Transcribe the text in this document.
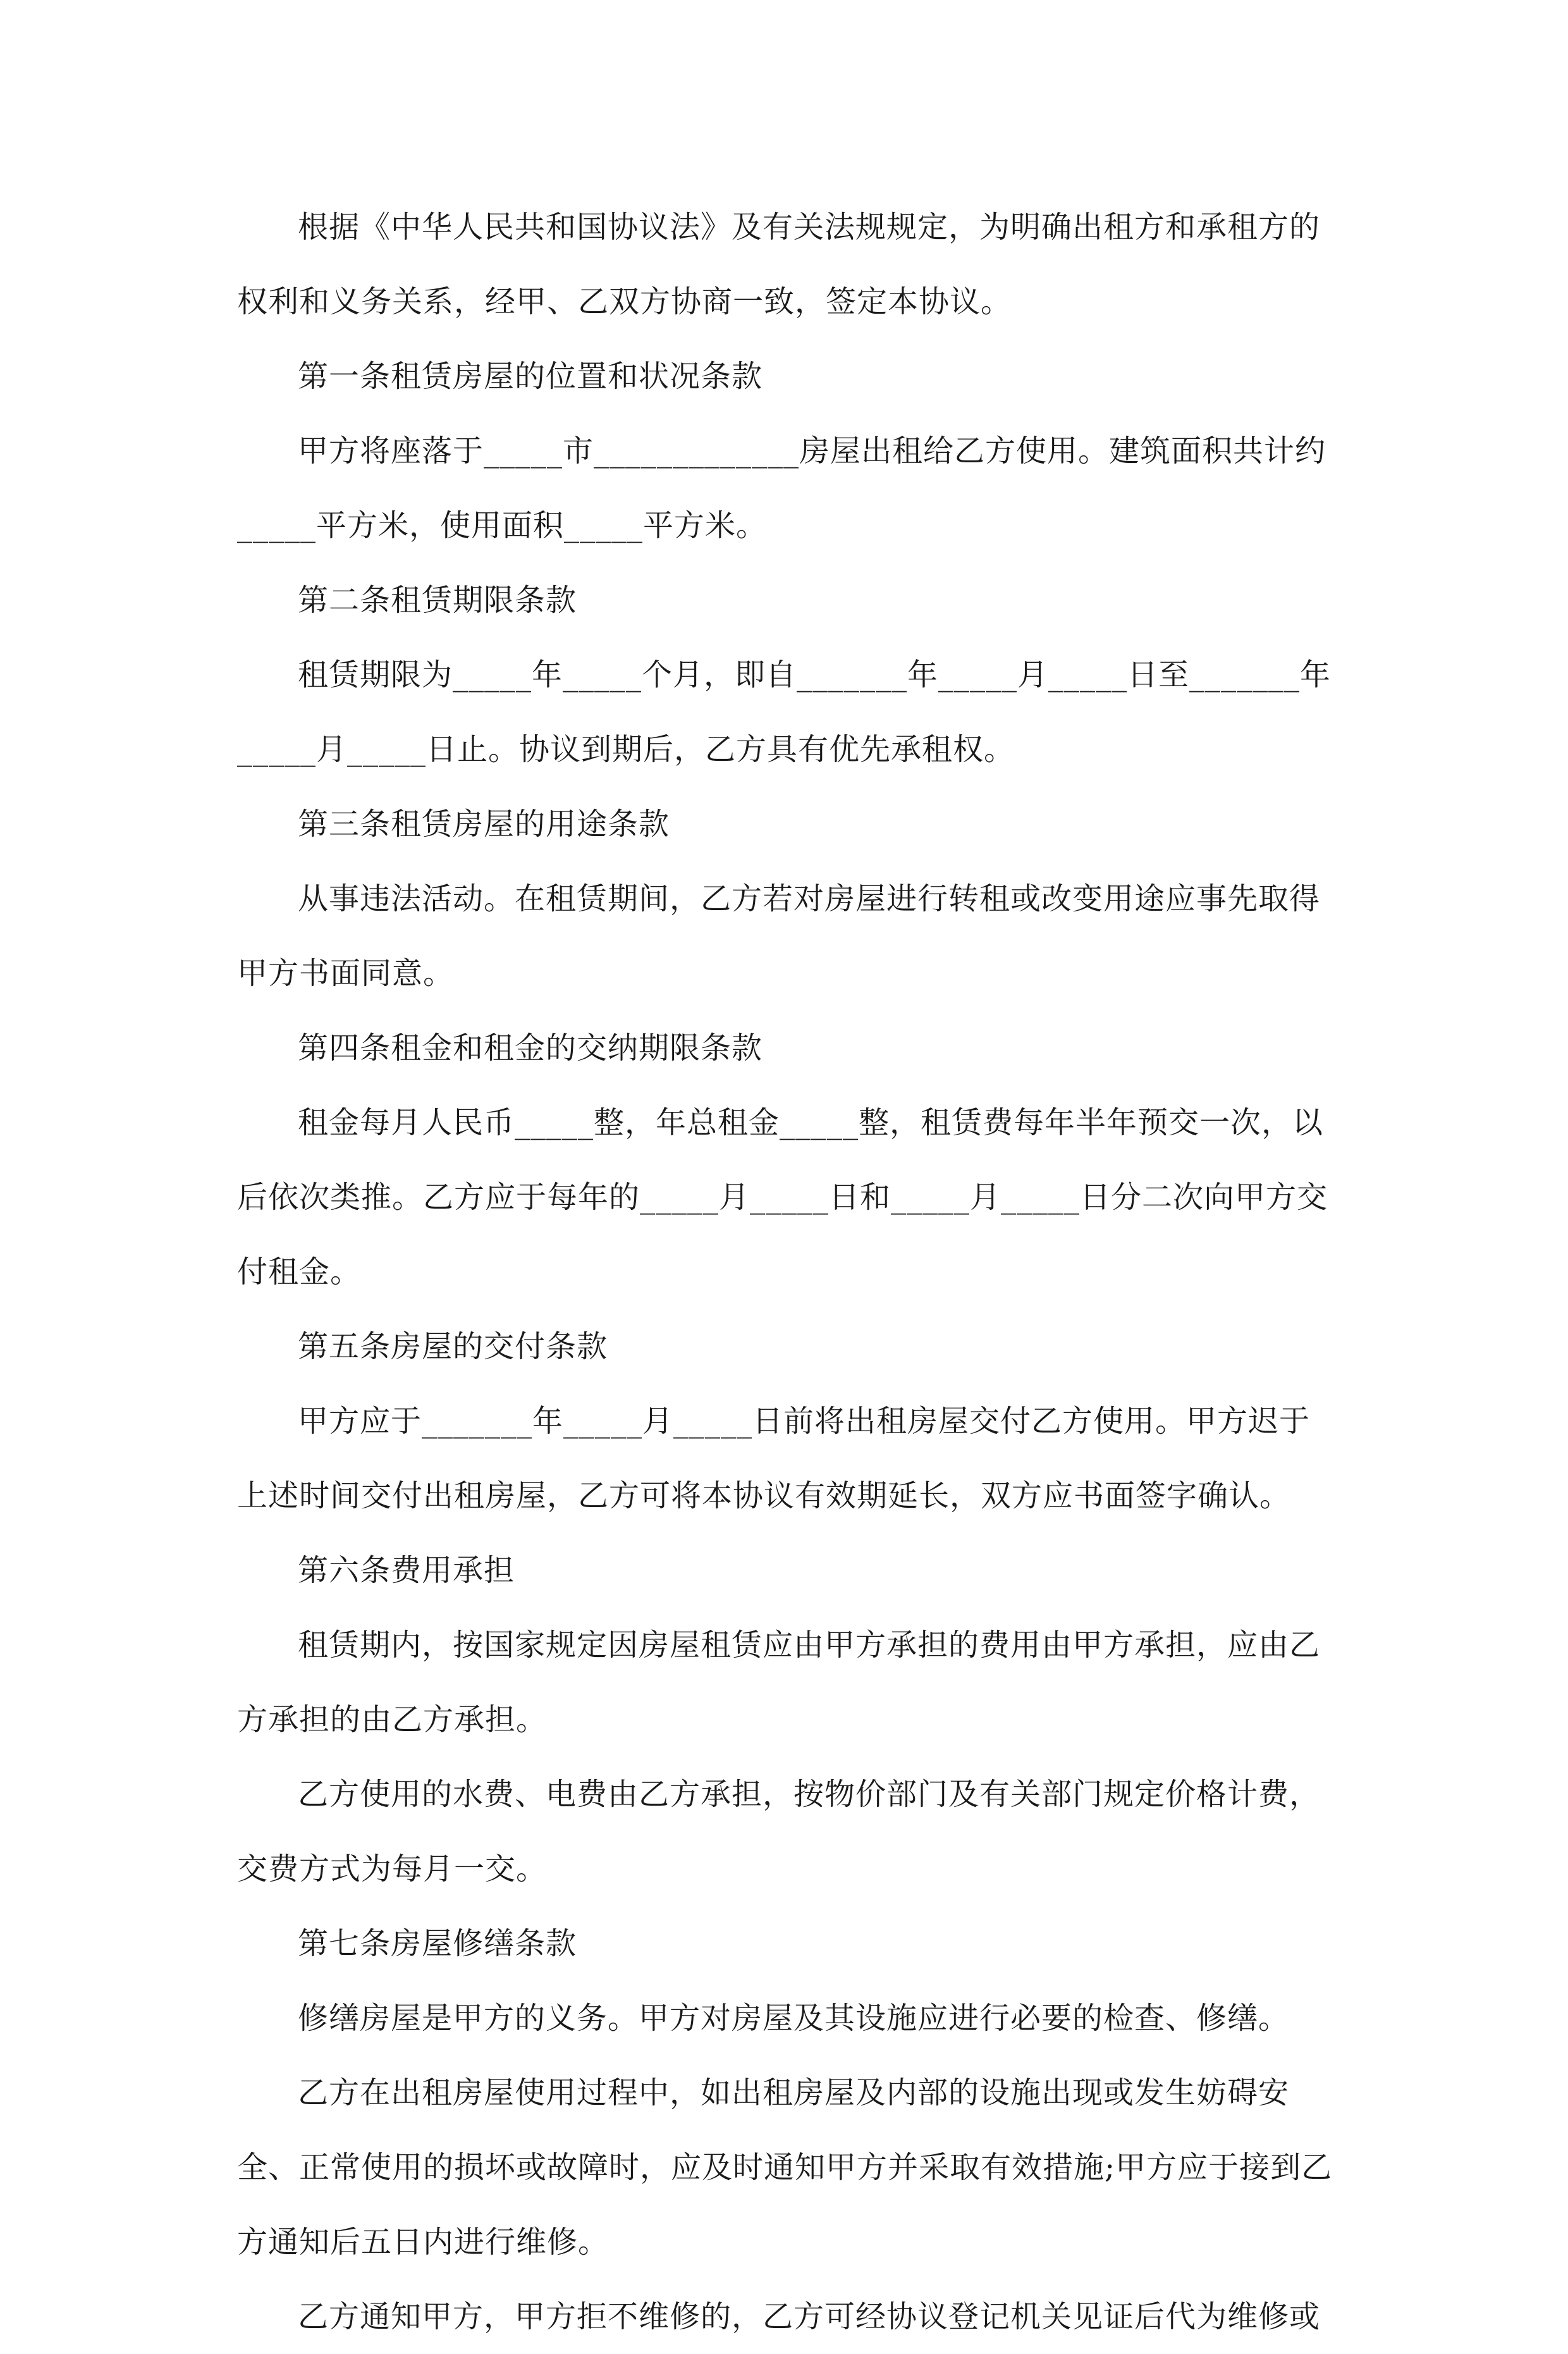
根据《中华人民共和国协议法》及有关法规规定，为明确出租方和承租方的权利和义务关系，经甲、乙双方协商一致，签定本协议。

第一条租赁房屋的位置和状况条款

甲方将座落于_____市_____________房屋出租给乙方使用。建筑面积共计约_____平方米，使用面积_____平方米。

第二条租赁期限条款

租赁期限为_____年_____个月，即自_______年_____月_____日至_______年_____月_____日止。协议到期后，乙方具有优先承租权。

第三条租赁房屋的用途条款

从事违法活动。在租赁期间，乙方若对房屋进行转租或改变用途应事先取得甲方书面同意。

第四条租金和租金的交纳期限条款

租金每月人民币_____整，年总租金_____整，租赁费每年半年预交一次，以后依次类推。乙方应于每年的_____月_____日和_____月_____日分二次向甲方交付租金。

第五条房屋的交付条款

甲方应于_______年_____月_____日前将出租房屋交付乙方使用。甲方迟于上述时间交付出租房屋，乙方可将本协议有效期延长，双方应书面签字确认。

第六条费用承担

租赁期内，按国家规定因房屋租赁应由甲方承担的费用由甲方承担，应由乙方承担的由乙方承担。

乙方使用的水费、电费由乙方承担，按物价部门及有关部门规定价格计费，交费方式为每月一交。

第七条房屋修缮条款

修缮房屋是甲方的义务。甲方对房屋及其设施应进行必要的检查、修缮。

乙方在出租房屋使用过程中，如出租房屋及内部的设施出现或发生妨碍安全、正常使用的损坏或故障时，应及时通知甲方并采取有效措施;甲方应于接到乙方通知后五日内进行维修。

乙方通知甲方，甲方拒不维修的，乙方可经协议登记机关见证后代为维修或
